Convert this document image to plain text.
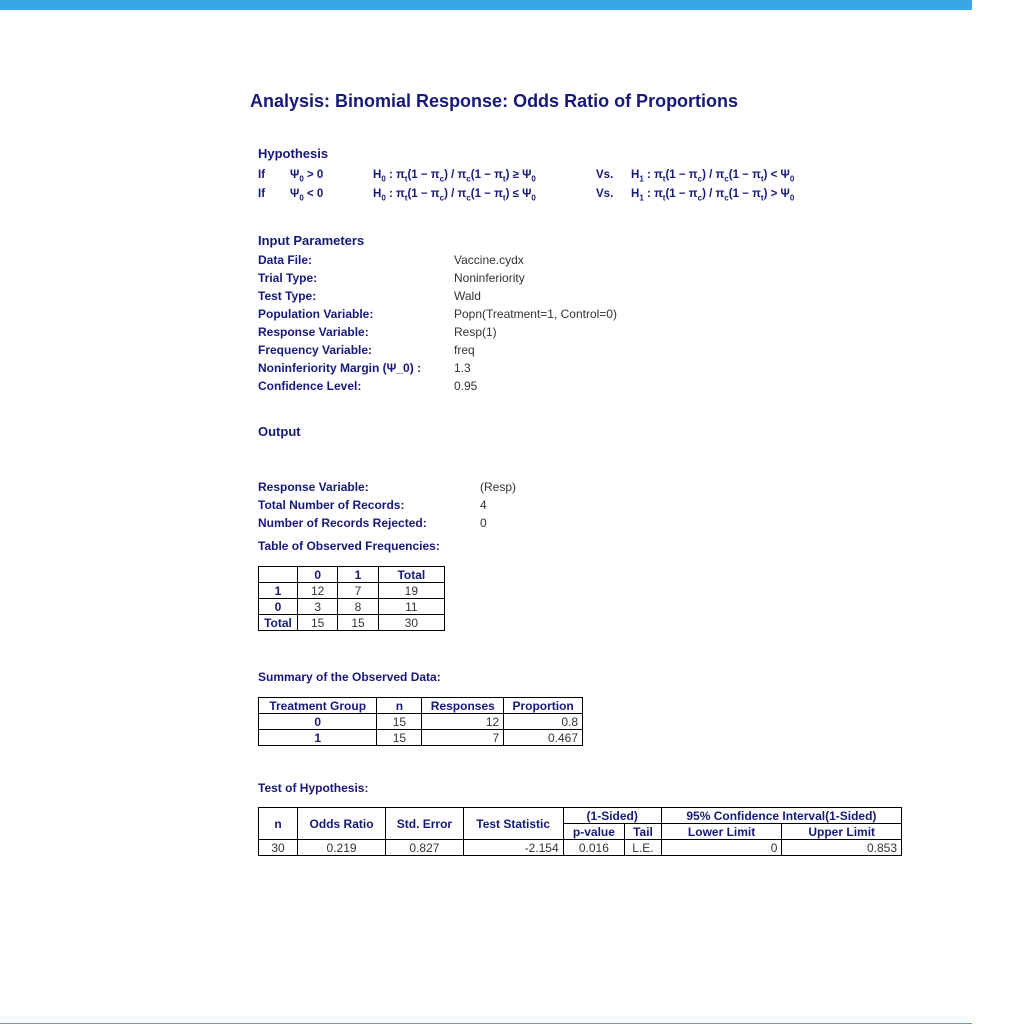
Analysis: Binomial Response: Odds Ratio of Proportions
Hypothesis
If $\Psi_0 > 0$	$H_0$ : $\pi_t(1 - \pi_c) / \pi_c(1 - \pi_t) \ge \Psi_0$	Vs. $H_1$ : $\pi_t(1 - \pi_c) / \pi_c(1 - \pi_t) < \Psi_0$
If $\Psi_0 < 0$	$H_0$ : $\pi_t(1 - \pi_c) / \pi_c(1 - \pi_t) \le \Psi_0$	Vs. $H_1$ : $\pi_t(1 - \pi_c) / \pi_c(1 - \pi_t) > \Psi_0$
Input Parameters
Data File:	Vaccine.cydx
Trial Type:	Noninferiority
Test Type:	Wald
Population Variable:	Popn(Treatment=1, Control=0)
Response Variable:	Resp(1)
Frequency Variable:	freq
Noninferiority Margin (Ψ_0) :	1.3
Confidence Level:	0.95
Output
Response Variable:	(Resp)
Total Number of Records:	4
Number of Records Rejected:	0
Table of Observed Frequencies:
	0	1	Total
1	12	7	19
0	3	8	11
Total	15	15	30
Summary of the Observed Data:
Treatment Group	n	Responses	Proportion
0	15	12	0.8
1	15	7	0.467
Test of Hypothesis:
n	Odds Ratio	Std. Error	Test Statistic	(1-Sided)		95% Confidence Interval(1-Sided)	
				p-value	Tail	Lower Limit	Upper Limit
30	0.219	0.827	-2.154	0.016	L.E.	0	0.853
